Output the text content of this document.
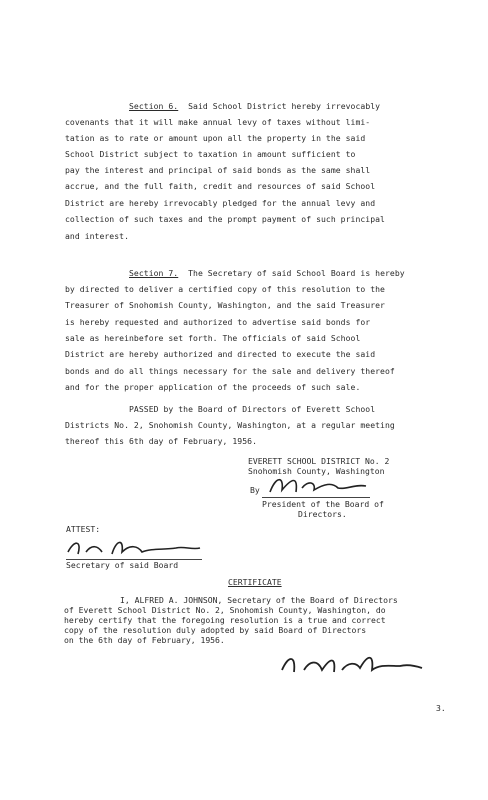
Section 6. Said School District hereby irrevocably
covenants that it will make annual levy of taxes without limi-
tation as to rate or amount upon all the property in the said
School District subject to taxation in amount sufficient to
pay the interest and principal of said bonds as the same shall
accrue, and the full faith, credit and resources of said School
District are hereby irrevocably pledged for the annual levy and
collection of such taxes and the prompt payment of such principal
and interest.
Section 7. The Secretary of said School Board is hereby
by directed to deliver a certified copy of this resolution to the
Treasurer of Snohomish County, Washington, and the said Treasurer
is hereby requested and authorized to advertise said bonds for
sale as hereinbefore set forth. The officials of said School
District are hereby authorized and directed to execute the said
bonds and do all things necessary for the sale and delivery thereof
and for the proper application of the proceeds of such sale.
PASSED by the Board of Directors of Everett School
Districts No. 2, Snohomish County, Washington, at a regular meeting
thereof this 6th day of February, 1956.
EVERETT SCHOOL DISTRICT No. 2
Snohomish County, Washington
By
President of the Board of
Directors.
ATTEST:
Secretary of said Board
CERTIFICATE
I, ALFRED A. JOHNSON, Secretary of the Board of Directors
of Everett School District No. 2, Snohomish County, Washington, do
hereby certify that the foregoing resolution is a true and correct
copy of the resolution duly adopted by said Board of Directors
on the 6th day of February, 1956.
3.
